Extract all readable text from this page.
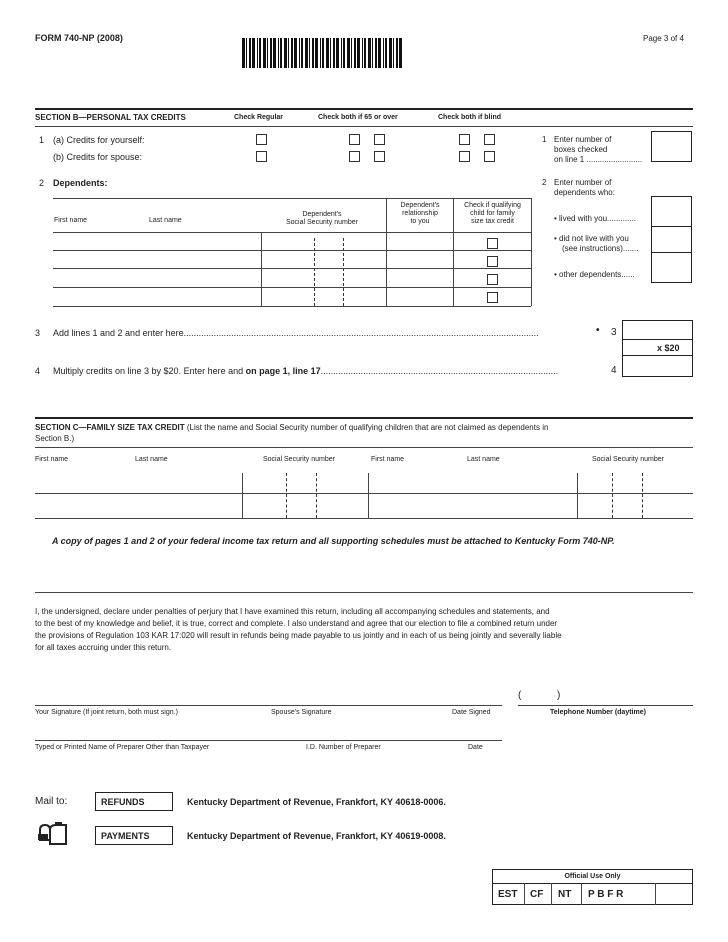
FORM 740-NP (2008)	Page 3 of 4
SECTION B—PERSONAL TAX CREDITS	Check Regular	Check both if 65 or over	Check both if blind
1 (a) Credits for yourself:
(b) Credits for spouse:
1 Enter number of
boxes checked
on line 1 .........................
2 Dependents:	2 Enter number of
dependents who:
First name	Last name
Dependent's
Social Security number
Dependent's
relationship
to you
Check if qualifying
child for family
size tax credit	• lived with you.............
• did not live with you
(see instructions).......
• other dependents......
3 Add lines 1 and 2 and enter here..............................................................................................................................................	• 3
x $20
4 Multiply credits on line 3 by $20. Enter here and on page 1, line 17...............................................................................................	4
SECTION C—FAMILY SIZE TAX CREDIT (List the name and Social Security number of qualifying children that are not claimed as dependents in
Section B.)
First name	Last name	Social Security number	First name	Last name	Social Security number
A copy of pages 1 and 2 of your federal income tax return and all supporting schedules must be attached to Kentucky Form 740-NP.
I, the undersigned, declare under penalties of perjury that I have examined this return, including all accompanying schedules and statements, and
to the best of my knowledge and belief, it is true, correct and complete. I also understand and agree that our election to file a combined return under
the provisions of Regulation 103 KAR 17:020 will result in refunds being made payable to us jointly and in each of us being jointly and severally liable
for all taxes accruing under this return.
(	)
Your Signature (If joint return, both must sign.)	Spouse's Signature	Date Signed	Telephone Number (daytime)
Typed or Printed Name of Preparer Other than Taxpayer	I.D. Number of Preparer	Date
Mail to:	REFUNDS	Kentucky Department of Revenue, Frankfort, KY 40618-0006.
PAYMENTS	Kentucky Department of Revenue, Frankfort, KY 40619-0008.
Official Use Only
EST CF NT P B F R
